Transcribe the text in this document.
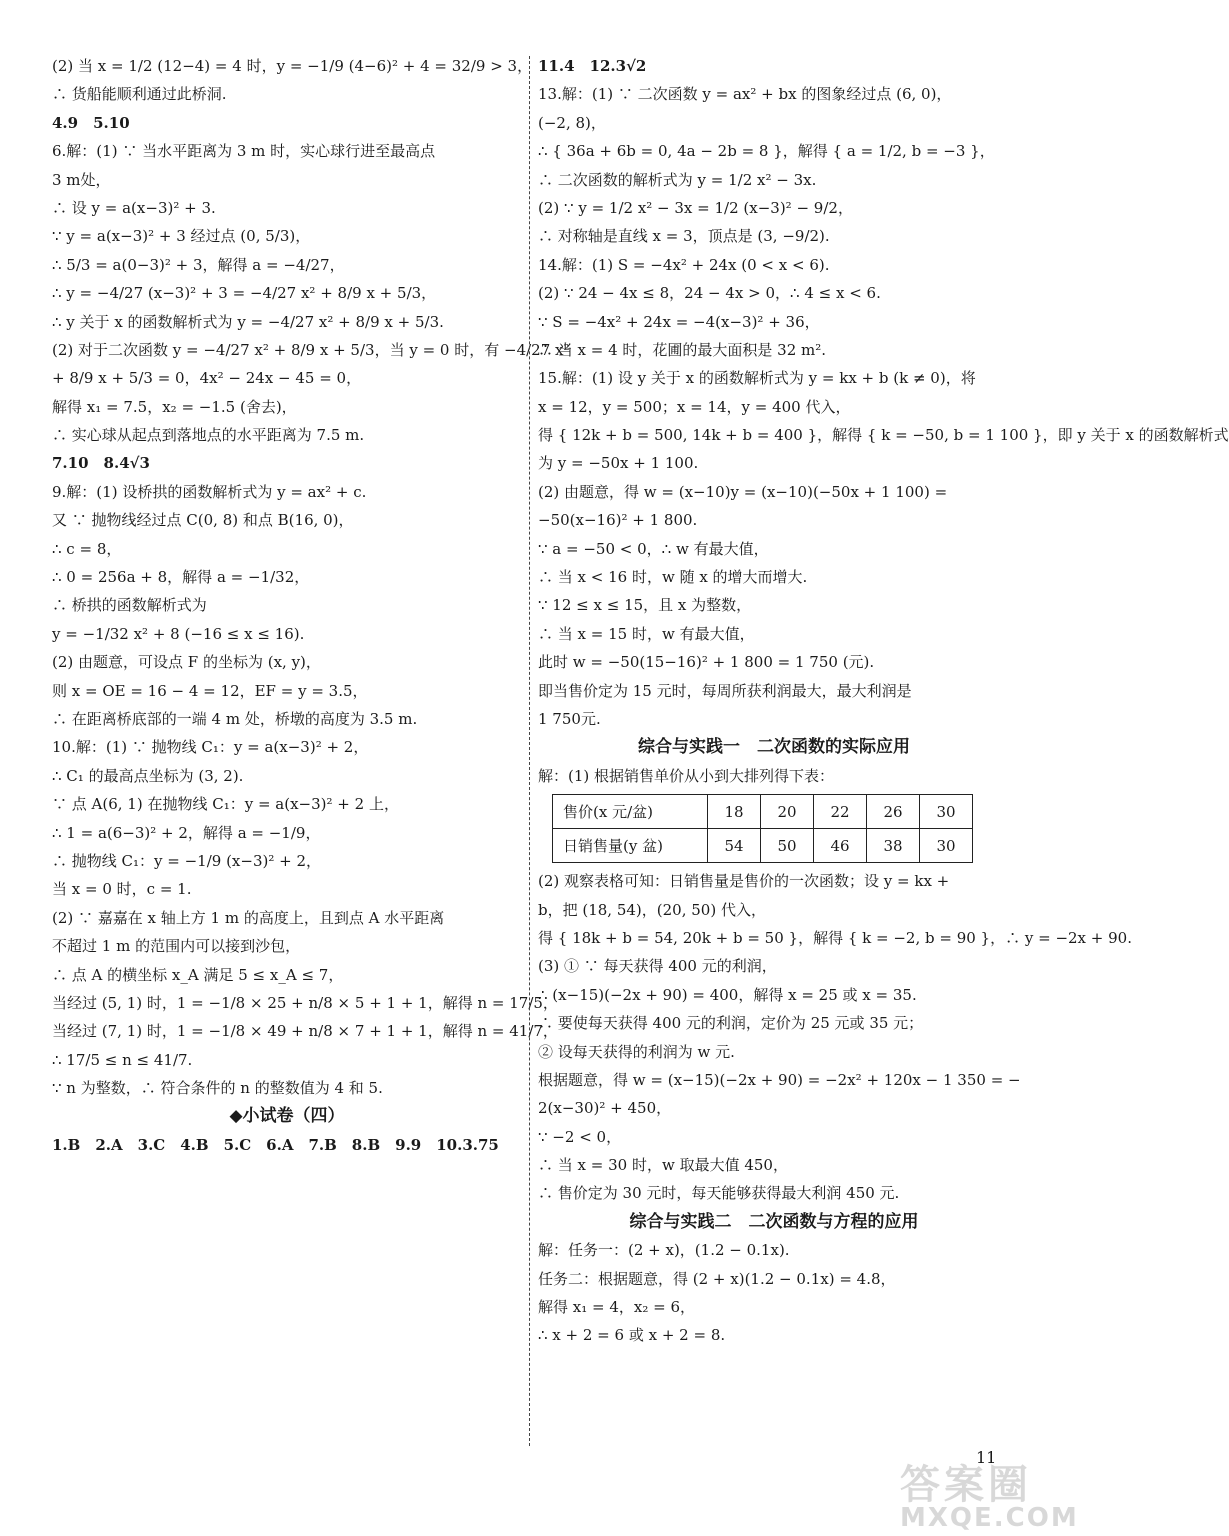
(2) 当 x = 1/2 (12−4) = 4 时，y = −1/9 (4−6)² + 4 = 32/9 > 3，
∴ 货船能顺利通过此桥洞.
4.9　5.10
6.解：(1) ∵ 当水平距离为 3 m 时，实心球行进至最高点
3 m处，
∴ 设 y = a(x−3)² + 3.
∵ y = a(x−3)² + 3 经过点 (0, 5/3)，
∴ 5/3 = a(0−3)² + 3，解得 a = −4/27，
∴ y = −4/27 (x−3)² + 3 = −4/27 x² + 8/9 x + 5/3，
∴ y 关于 x 的函数解析式为 y = −4/27 x² + 8/9 x + 5/3.
(2) 对于二次函数 y = −4/27 x² + 8/9 x + 5/3，当 y = 0 时，有 −4/27 x²
+ 8/9 x + 5/3 = 0，4x² − 24x − 45 = 0，
解得 x₁ = 7.5，x₂ = −1.5 (舍去)，
∴ 实心球从起点到落地点的水平距离为 7.5 m.
7.10　8.4√3
9.解：(1) 设桥拱的函数解析式为 y = ax² + c.
又 ∵ 抛物线经过点 C(0, 8) 和点 B(16, 0)，
∴ c = 8，
∴ 0 = 256a + 8，解得 a = −1/32，
∴ 桥拱的函数解析式为
y = −1/32 x² + 8 (−16 ≤ x ≤ 16).
(2) 由题意，可设点 F 的坐标为 (x, y)，
则 x = OE = 16 − 4 = 12，EF = y = 3.5，
∴ 在距离桥底部的一端 4 m 处，桥墩的高度为 3.5 m.
10.解：(1) ∵ 抛物线 C₁：y = a(x−3)² + 2，
∴ C₁ 的最高点坐标为 (3, 2).
∵ 点 A(6, 1) 在抛物线 C₁：y = a(x−3)² + 2 上，
∴ 1 = a(6−3)² + 2，解得 a = −1/9，
∴ 抛物线 C₁：y = −1/9 (x−3)² + 2，
当 x = 0 时，c = 1.
(2) ∵ 嘉嘉在 x 轴上方 1 m 的高度上，且到点 A 水平距离
不超过 1 m 的范围内可以接到沙包，
∴ 点 A 的横坐标 x_A 满足 5 ≤ x_A ≤ 7，
当经过 (5, 1) 时，1 = −1/8 × 25 + n/8 × 5 + 1 + 1，解得 n = 17/5，
当经过 (7, 1) 时，1 = −1/8 × 49 + n/8 × 7 + 1 + 1，解得 n = 41/7，
∴ 17/5 ≤ n ≤ 41/7.
∵ n 为整数，∴ 符合条件的 n 的整数值为 4 和 5.
◆小试卷（四）
1.B　2.A　3.C　4.B　5.C　6.A　7.B　8.B　9.9　10.3.75
11.4　12.3√2
13.解：(1) ∵ 二次函数 y = ax² + bx 的图象经过点 (6, 0)，
(−2, 8)，
∴ { 36a + 6b = 0, 4a − 2b = 8 }，解得 { a = 1/2, b = −3 }，
∴ 二次函数的解析式为 y = 1/2 x² − 3x.
(2) ∵ y = 1/2 x² − 3x = 1/2 (x−3)² − 9/2，
∴ 对称轴是直线 x = 3，顶点是 (3, −9/2).
14.解：(1) S = −4x² + 24x (0 < x < 6).
(2) ∵ 24 − 4x ≤ 8，24 − 4x > 0，∴ 4 ≤ x < 6.
∵ S = −4x² + 24x = −4(x−3)² + 36，
∴ 当 x = 4 时，花圃的最大面积是 32 m².
15.解：(1) 设 y 关于 x 的函数解析式为 y = kx + b (k ≠ 0)，将
x = 12，y = 500；x = 14，y = 400 代入，
得 { 12k + b = 500, 14k + b = 400 }，解得 { k = −50, b = 1 100 }，即 y 关于 x 的函数解析式
为 y = −50x + 1 100.
(2) 由题意，得 w = (x−10)y = (x−10)(−50x + 1 100) =
−50(x−16)² + 1 800.
∵ a = −50 < 0，∴ w 有最大值，
∴ 当 x < 16 时，w 随 x 的增大而增大.
∵ 12 ≤ x ≤ 15，且 x 为整数，
∴ 当 x = 15 时，w 有最大值，
此时 w = −50(15−16)² + 1 800 = 1 750 (元).
即当售价定为 15 元时，每周所获利润最大，最大利润是
1 750元.
综合与实践一　二次函数的实际应用
解：(1) 根据销售单价从小到大排列得下表：
售价(x 元/盆)	18	20	22	26	30
日销售量(y 盆)	54	50	46	38	30
(2) 观察表格可知：日销售量是售价的一次函数；设 y = kx +
b，把 (18, 54)，(20, 50) 代入，
得 { 18k + b = 54, 20k + b = 50 }，解得 { k = −2, b = 90 }，∴ y = −2x + 90.
(3) ① ∵ 每天获得 400 元的利润，
∴ (x−15)(−2x + 90) = 400，解得 x = 25 或 x = 35.
∴ 要使每天获得 400 元的利润，定价为 25 元或 35 元；
② 设每天获得的利润为 w 元.
根据题意，得 w = (x−15)(−2x + 90) = −2x² + 120x − 1 350 = −
2(x−30)² + 450，
∵ −2 < 0，
∴ 当 x = 30 时，w 取最大值 450，
∴ 售价定为 30 元时，每天能够获得最大利润 450 元.
综合与实践二　二次函数与方程的应用
解：任务一：(2 + x)，(1.2 − 0.1x).
任务二：根据题意，得 (2 + x)(1.2 − 0.1x) = 4.8，
解得 x₁ = 4，x₂ = 6，
∴ x + 2 = 6 或 x + 2 = 8.
11
答案圈
MXQE.COM
